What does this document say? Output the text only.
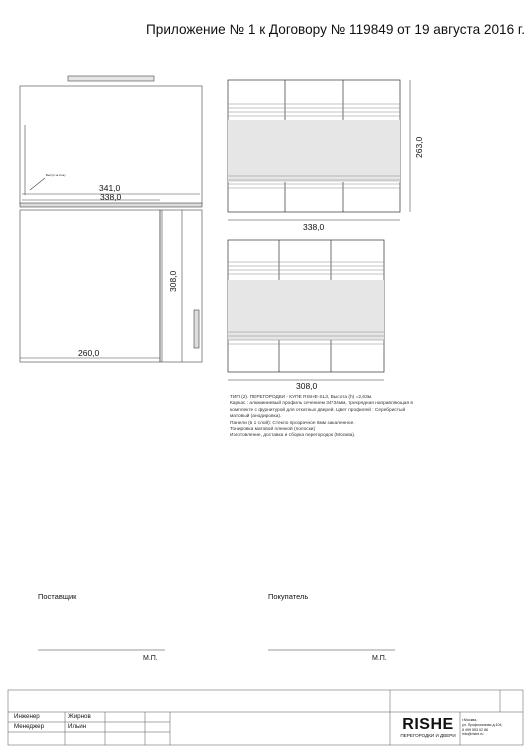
Приложение № 1 к Договору № 119849 от 19 августа 2016 г.
341,0
338,0
260,0
308,0
Выступ за стену
338,0
263,0
308,0
ТИП (2). ПЕРЕГОРОДКИ - КУПЕ RISHE-SL3, Высота (h) =2,63м.
Каркас : алюминиевый профиль сечением 34*34мм, трехрядная направляющая в комплекте с фурнитурой для откатных дверей. Цвет профилей : Серебристый матовый (анодировка).
Панели (в 1 слой): Стекло прозрачное 6мм закаленное.
Тонировка матовой пленкой (полоски)
Изготовление, доставка и сборка перегородок (Москва).
Поставщик	Покупатель
М.П.	М.П.
Инженер	Жирнов
Менеджер	Ильин	RISHE
ПЕРЕГОРОДКИ И ДВЕРИ
г.Москва,
ул. Профсоюзная д.104,
8 499 553 02 86
info@rishe.ru
